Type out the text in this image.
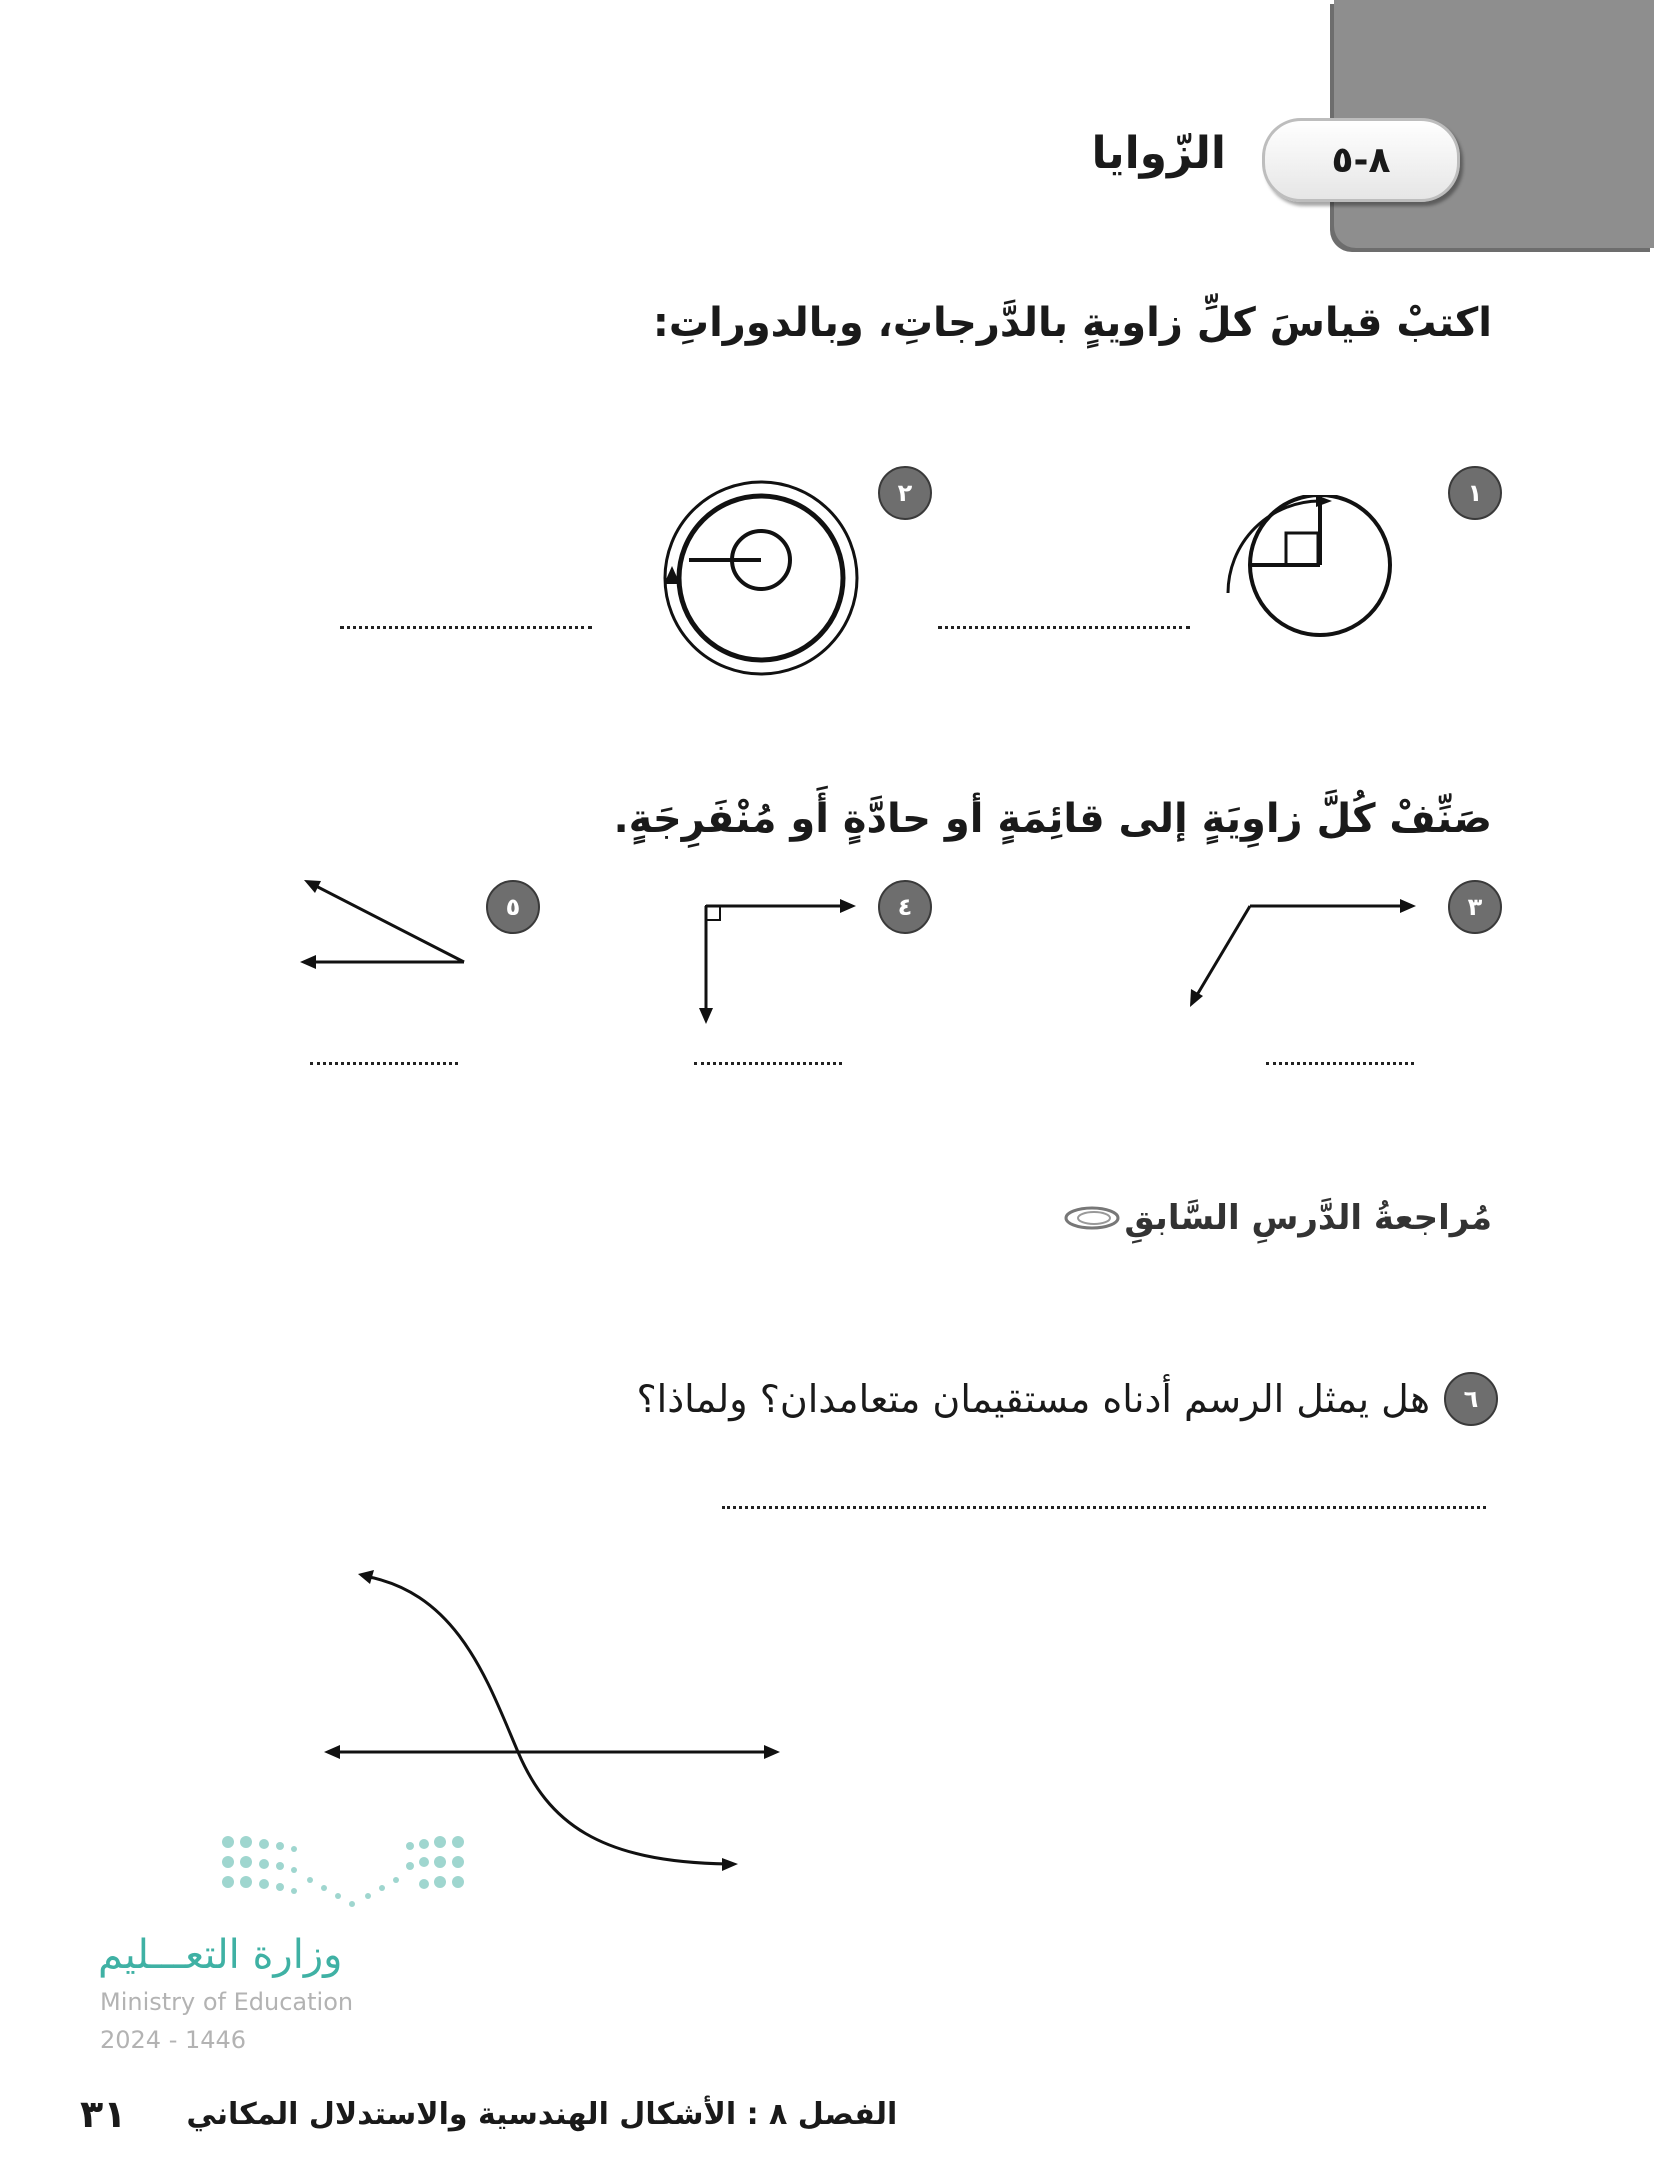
٨-٥
الزّوايا
اكتبْ قياسَ كلِّ زاويةٍ بالدَّرجاتِ، وبالدوراتِ:
١
٢
صَنِّفْ كُلَّ زاوِيَةٍ إلى قائِمَةٍ أو حادَّةٍ أَو مُنْفَرِجَةٍ.
٣
٤
٥
مُراجعةُ الدَّرسِ السَّابقِ
٦
هل يمثل الرسم أدناه مستقيمان متعامدان؟ ولماذا؟
وزارة التعـــليم
Ministry of Education
2024 - 1446
٣١ الفصل ٨ : الأشكال الهندسية والاستدلال المكاني
